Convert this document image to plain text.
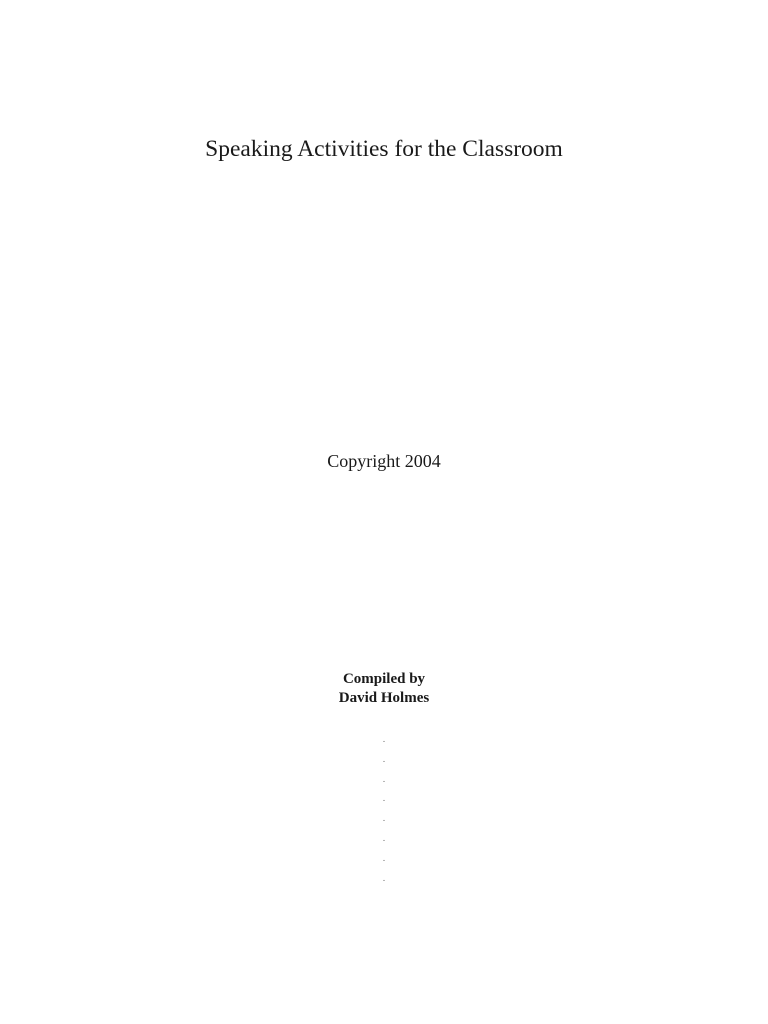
Speaking Activities for the Classroom
Copyright 2004
Compiled by
David Holmes
.
.
.
.
.
.
.
.
